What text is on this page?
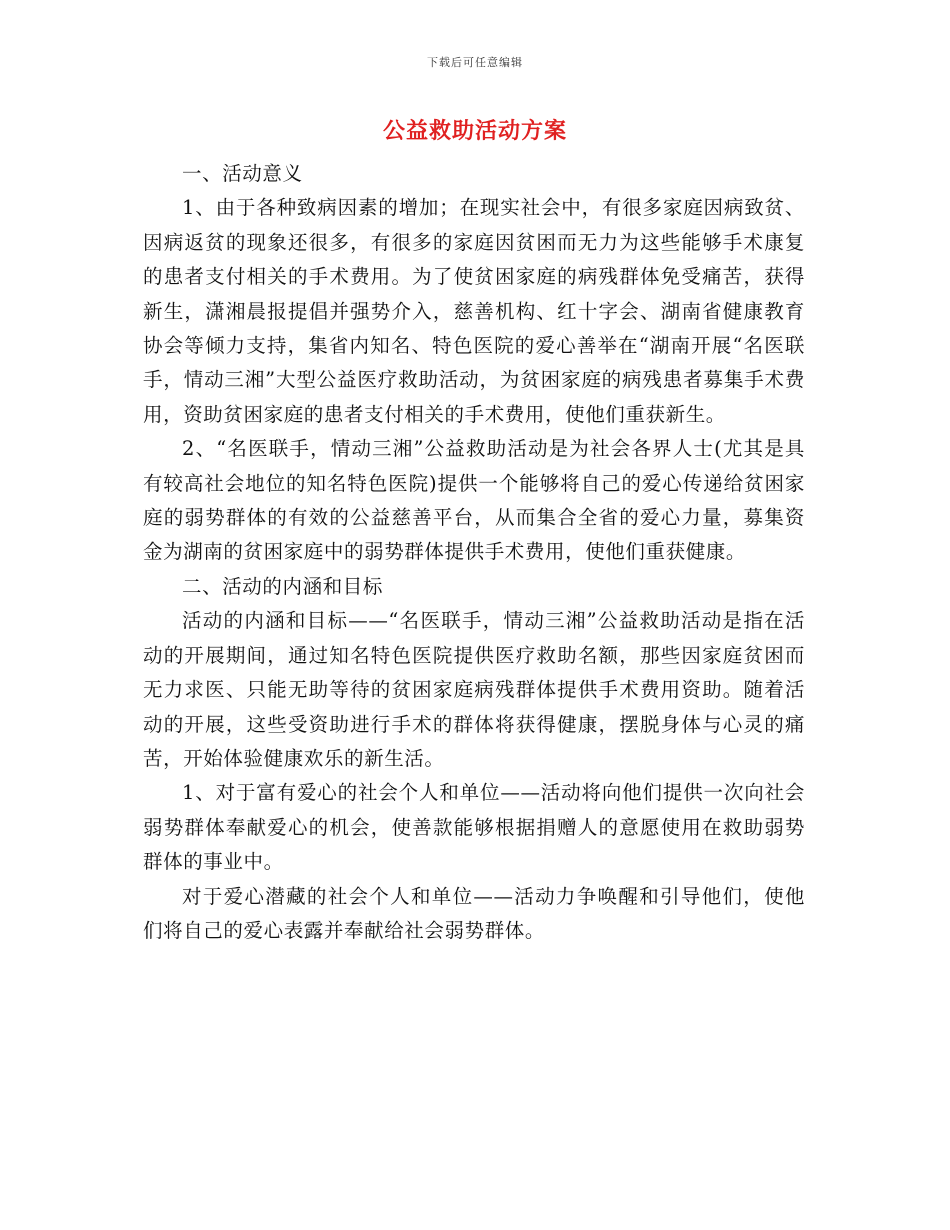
下载后可任意编辑
公益救助活动方案

一、活动意义

1、由于各种致病因素的增加；在现实社会中，有很多家庭因病致贫、因病返贫的现象还很多，有很多的家庭因贫困而无力为这些能够手术康复的患者支付相关的手术费用。为了使贫困家庭的病残群体免受痛苦，获得新生，潇湘晨报提倡并强势介入，慈善机构、红十字会、湖南省健康教育协会等倾力支持，集省内知名、特色医院的爱心善举在“湖南开展“名医联手，情动三湘”大型公益医疗救助活动，为贫困家庭的病残患者募集手术费用，资助贫困家庭的患者支付相关的手术费用，使他们重获新生。

2、“名医联手，情动三湘”公益救助活动是为社会各界人士(尤其是具有较高社会地位的知名特色医院)提供一个能够将自己的爱心传递给贫困家庭的弱势群体的有效的公益慈善平台，从而集合全省的爱心力量，募集资金为湖南的贫困家庭中的弱势群体提供手术费用，使他们重获健康。

二、活动的内涵和目标

活动的内涵和目标——“名医联手，情动三湘”公益救助活动是指在活动的开展期间，通过知名特色医院提供医疗救助名额，那些因家庭贫困而无力求医、只能无助等待的贫困家庭病残群体提供手术费用资助。随着活动的开展，这些受资助进行手术的群体将获得健康，摆脱身体与心灵的痛苦，开始体验健康欢乐的新生活。

1、对于富有爱心的社会个人和单位——活动将向他们提供一次向社会弱势群体奉献爱心的机会，使善款能够根据捐赠人的意愿使用在救助弱势群体的事业中。

对于爱心潜藏的社会个人和单位——活动力争唤醒和引导他们，使他们将自己的爱心表露并奉献给社会弱势群体。
